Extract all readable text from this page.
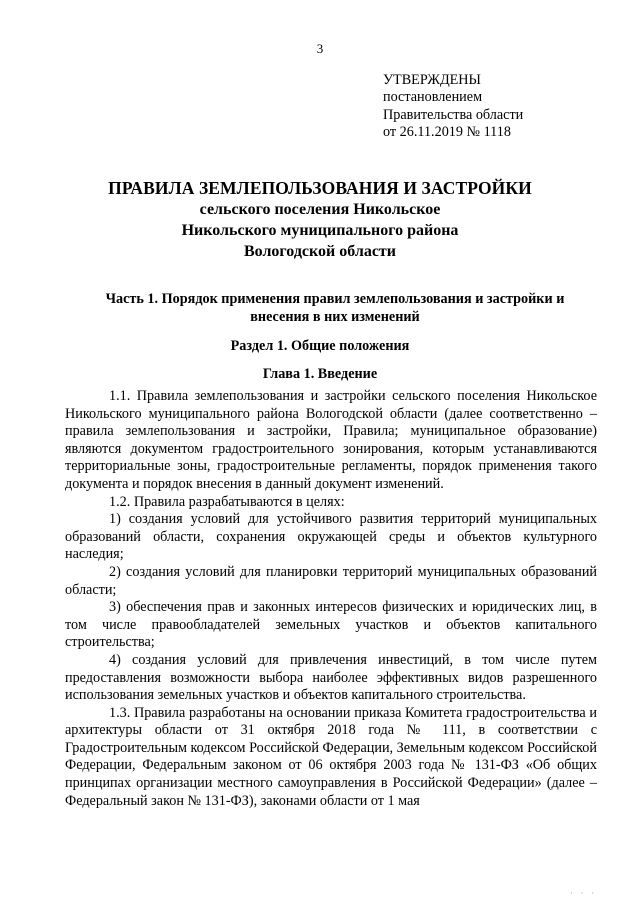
3
УТВЕРЖДЕНЫ
постановлением
Правительства области
от 26.11.2019 № 1118
ПРАВИЛА ЗЕМЛЕПОЛЬЗОВАНИЯ И ЗАСТРОЙКИ
сельского поселения Никольское
Никольского муниципального района
Вологодской области
Часть 1. Порядок применения правил землепользования и застройки и внесения в них изменений
Раздел 1. Общие положения
Глава 1. Введение

1.1. Правила землепользования и застройки сельского поселения Никольское Никольского муниципального района Вологодской области (далее соответственно – правила землепользования и застройки, Правила; муниципальное образование) являются документом градостроительного зонирования, которым устанавливаются территориальные зоны, градостроительные регламенты, порядок применения такого документа и порядок внесения в данный документ изменений.

1.2. Правила разрабатываются в целях:

1) создания условий для устойчивого развития территорий муниципальных образований области, сохранения окружающей среды и объектов культурного наследия;

2) создания условий для планировки территорий муниципальных образований области;

3) обеспечения прав и законных интересов физических и юридических лиц, в том числе правообладателей земельных участков и объектов капитального строительства;

4) создания условий для привлечения инвестиций, в том числе путем предоставления возможности выбора наиболее эффективных видов разрешенного использования земельных участков и объектов капитального строительства.

1.3. Правила разработаны на основании приказа Комитета градостроительства и архитектуры области от 31 октября 2018 года № 111, в соответствии с Градостроительным кодексом Российской Федерации, Земельным кодексом Российской Федерации, Федеральным законом от 06 октября 2003 года № 131-ФЗ «Об общих принципах организации местного самоуправления в Российской Федерации» (далее – Федеральный закон № 131-ФЗ), законами области от 1 мая

· · ·
